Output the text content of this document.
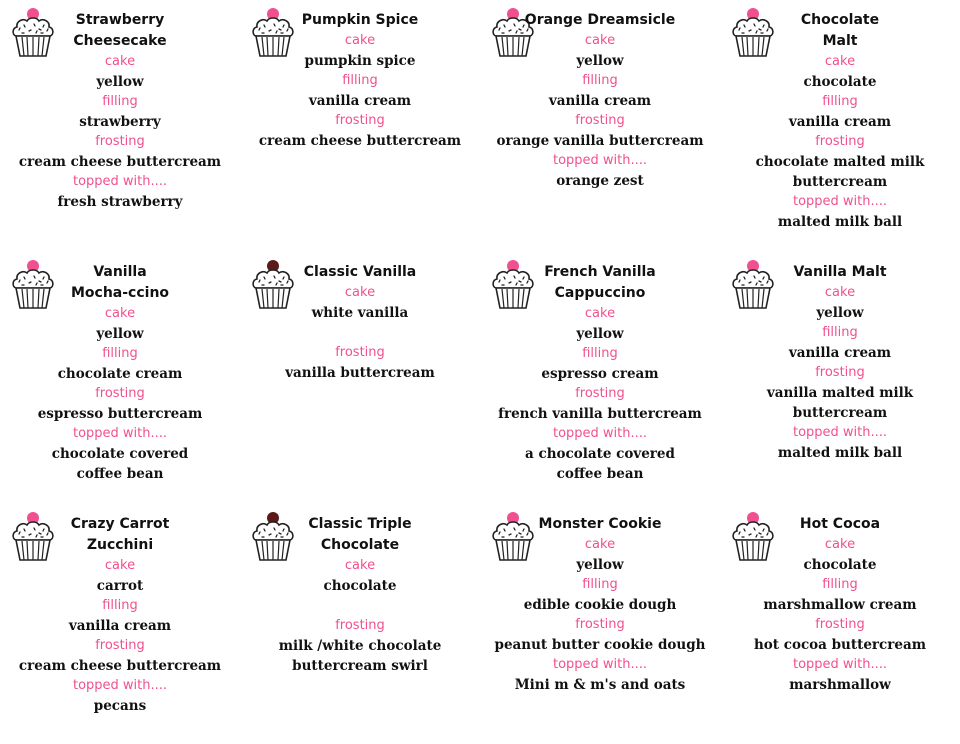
Strawberry
Cheesecake
cake
yellow
filling
strawberry
frosting
cream cheese buttercream
topped with....
fresh strawberry
Pumpkin Spice
cake
pumpkin spice
filling
vanilla cream
frosting
cream cheese buttercream
Orange Dreamsicle
cake
yellow
filling
vanilla cream
frosting
orange vanilla buttercream
topped with....
orange zest
Chocolate
Malt
cake
chocolate
filling
vanilla cream
frosting
chocolate malted milk buttercream
topped with....
malted milk ball
Vanilla
Mocha-ccino
cake
yellow
filling
chocolate cream
frosting
espresso buttercream
topped with....
chocolate covered
coffee bean
Classic Vanilla
cake
white vanilla
frosting
vanilla buttercream
French Vanilla
Cappuccino
cake
yellow
filling
espresso cream
frosting
french vanilla buttercream
topped with....
a chocolate covered
coffee bean
Vanilla Malt
cake
yellow
filling
vanilla cream
frosting
vanilla malted milk buttercream
topped with....
malted milk ball
Crazy Carrot
Zucchini
cake
carrot
filling
vanilla cream
frosting
cream cheese buttercream
topped with....
pecans
Classic Triple
Chocolate
cake
chocolate
frosting
milk /white chocolate buttercream swirl
Monster Cookie
cake
yellow
filling
edible cookie dough
frosting
peanut butter cookie dough
topped with....
Mini m & m's and oats
Hot Cocoa
cake
chocolate
filling
marshmallow cream
frosting
hot cocoa buttercream
topped with....
marshmallow
